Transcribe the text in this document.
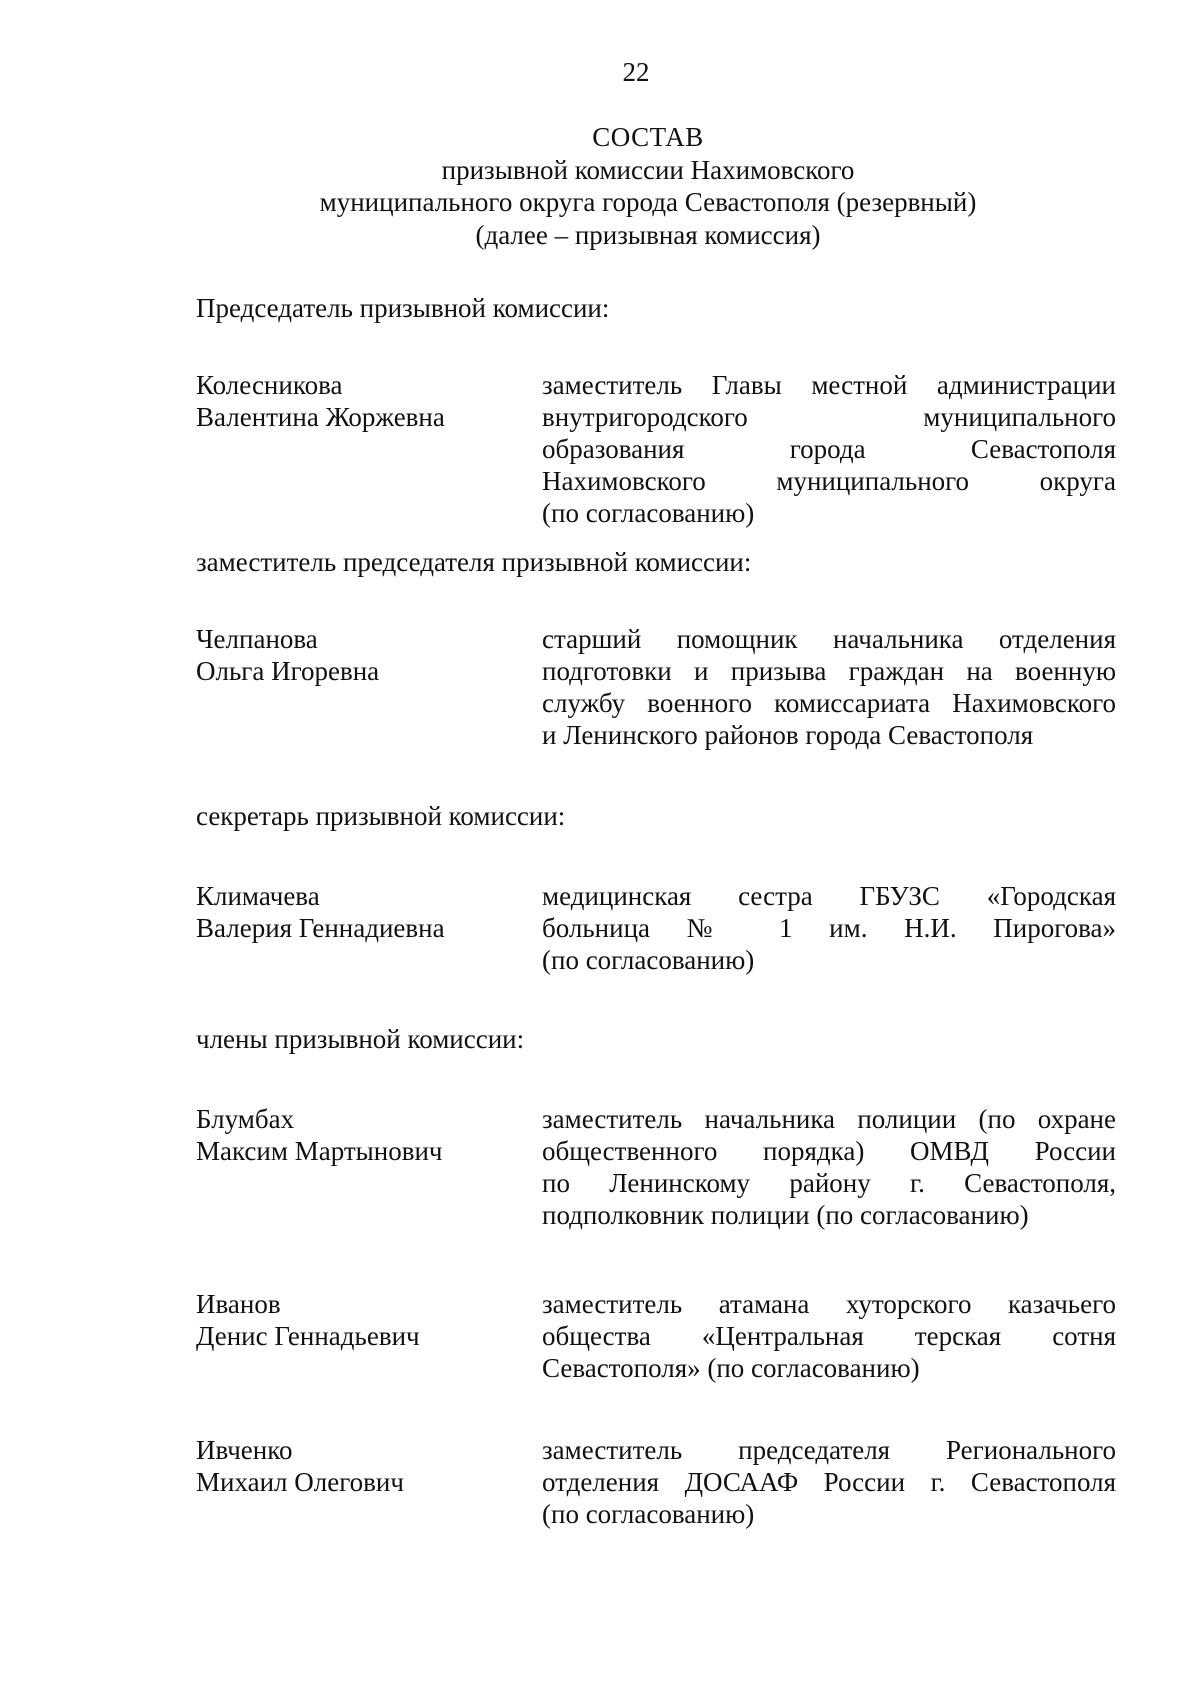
22
СОСТАВ
призывной комиссии Нахимовского
муниципального округа города Севастополя (резервный)
(далее – призывная комиссия)
Председатель призывной комиссии:
Колесникова
Валентина Жоржевна
заместитель Главы местной администрации
внутригородского муниципального
образования города Севастополя
Нахимовского муниципального округа
(по согласованию)
заместитель председателя призывной комиссии:
Челпанова
Ольга Игоревна
старший помощник начальника отделения
подготовки и призыва граждан на военную
службу военного комиссариата Нахимовского
и Ленинского районов города Севастополя
секретарь призывной комиссии:
Климачева
Валерия Геннадиевна
медицинская сестра ГБУЗС «Городская
больница № 1 им. Н.И. Пирогова»
(по согласованию)
члены призывной комиссии:
Блумбах
Максим Мартынович
заместитель начальника полиции (по охране
общественного порядка) ОМВД России
по Ленинскому району г. Севастополя,
подполковник полиции (по согласованию)
Иванов
Денис Геннадьевич
заместитель атамана хуторского казачьего
общества «Центральная терская сотня
Севастополя» (по согласованию)
Ивченко
Михаил Олегович
заместитель председателя Регионального
отделения ДОСААФ России г. Севастополя
(по согласованию)
